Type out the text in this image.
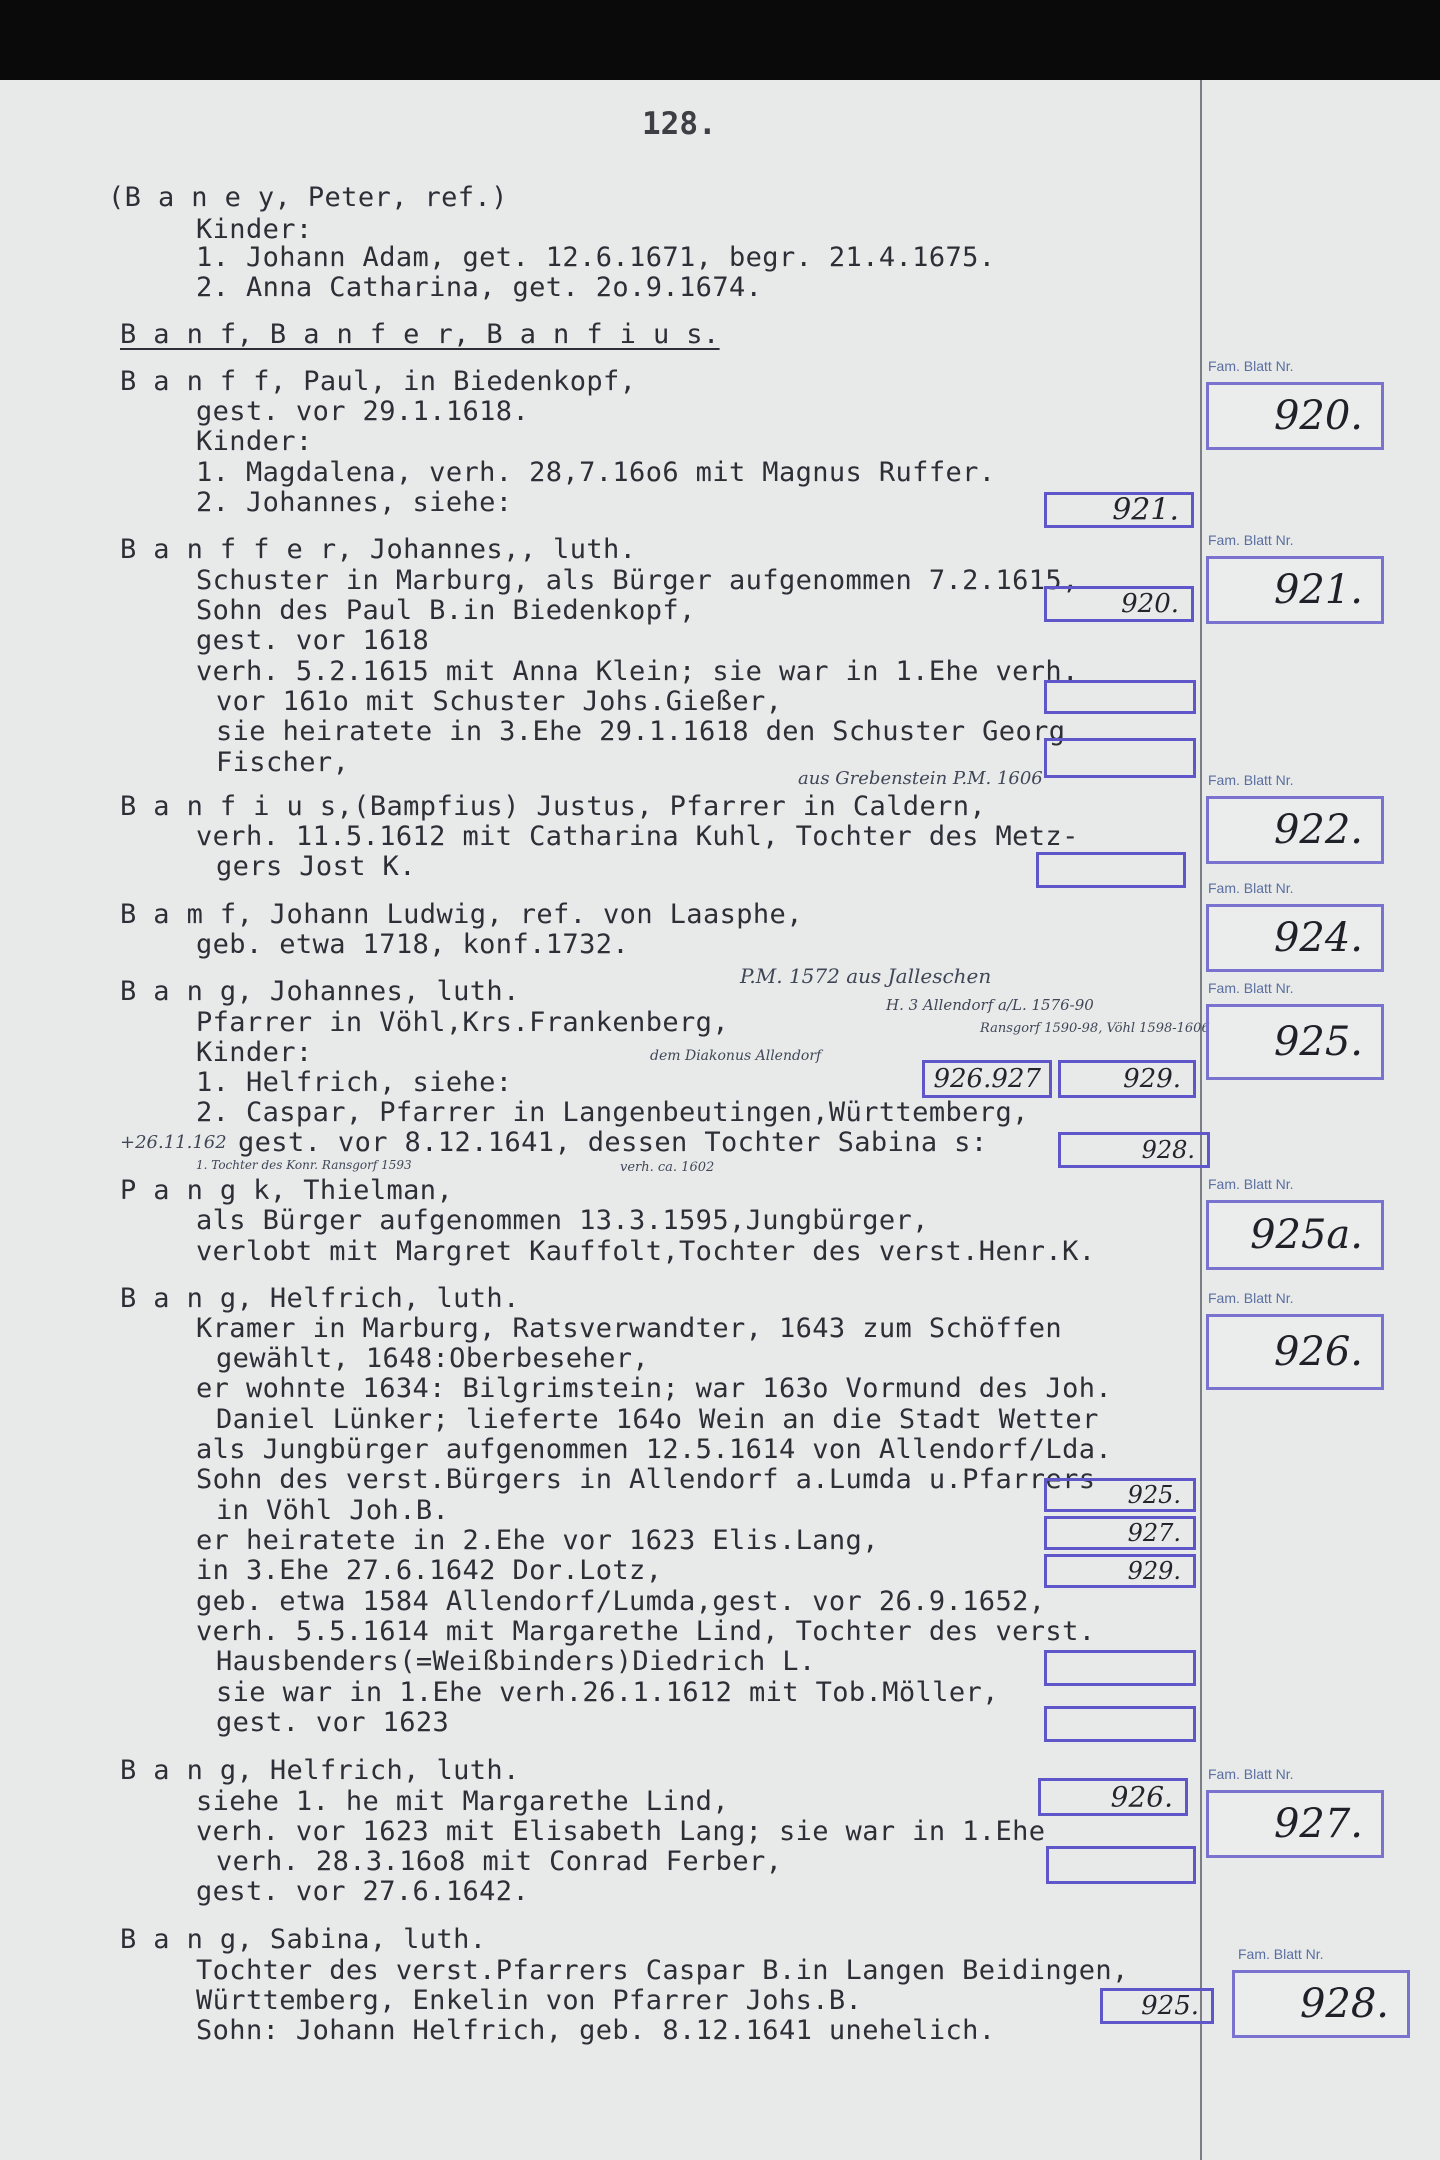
128.
(B a n e y, Peter, ref.)
Kinder:
1. Johann Adam, get. 12.6.1671, begr. 21.4.1675.
2. Anna Catharina, get. 2o.9.1674.
B a n f, B a n f e r, B a n f i u s.
B a n f f, Paul, in Biedenkopf,
gest. vor 29.1.1618.
Kinder:
1. Magdalena, verh. 28,7.16o6 mit Magnus Ruffer.
2. Johannes, siehe:	921.
B a n f f e r, Johannes,, luth.
Schuster in Marburg, als Bürger aufgenommen 7.2.1615,
Sohn des Paul B.in Biedenkopf,	920.
gest. vor 1618
verh. 5.2.1615 mit Anna Klein; sie war in 1.Ehe verh.
vor 161o mit Schuster Johs.Gießer,
sie heiratete in 3.Ehe 29.1.1618 den Schuster Georg
Fischer,
aus Grebenstein P.M. 1606
B a n f i u s,(Bampfius) Justus, Pfarrer in Caldern,
verh. 11.5.1612 mit Catharina Kuhl, Tochter des Metz-
gers Jost K.
B a m f, Johann Ludwig, ref. von Laasphe,
geb. etwa 1718, konf.1732.
P.M. 1572 aus Jalleschen
H. 3 Allendorf a/L. 1576-90
Ransgorf 1590-98, Vöhl 1598-1606
dem Diakonus Allendorf
B a n g, Johannes, luth.
Pfarrer in Vöhl,Krs.Frankenberg,
Kinder:
1. Helfrich, siehe:	926.927	929.
2. Caspar, Pfarrer in Langenbeutingen,Württemberg,
+26.11.162 gest. vor 8.12.1641, dessen Tochter Sabina s:	928.
1. Tochter des Konr. Ransgorf 1593	verh. ca. 1602
P a n g k, Thielman,
als Bürger aufgenommen 13.3.1595,Jungbürger,
verlobt mit Margret Kauffolt,Tochter des verst.Henr.K.
B a n g, Helfrich, luth.
Kramer in Marburg, Ratsverwandter, 1643 zum Schöffen
gewählt, 1648:Oberbeseher,
er wohnte 1634: Bilgrimstein; war 163o Vormund des Joh.
Daniel Lünker; lieferte 164o Wein an die Stadt Wetter
als Jungbürger aufgenommen 12.5.1614 von Allendorf/Lda.
Sohn des verst.Bürgers in Allendorf a.Lumda u.Pfarrers
in Vöhl Joh.B.	925.
er heiratete in 2.Ehe vor 1623 Elis.Lang,	927.
in 3.Ehe 27.6.1642 Dor.Lotz,	929.
geb. etwa 1584 Allendorf/Lumda,gest. vor 26.9.1652,
verh. 5.5.1614 mit Margarethe Lind, Tochter des verst.
Hausbenders(=Weißbinders)Diedrich L.
sie war in 1.Ehe verh.26.1.1612 mit Tob.Möller,
gest. vor 1623
B a n g, Helfrich, luth.
siehe 1. he mit Margarethe Lind,	926.
verh. vor 1623 mit Elisabeth Lang; sie war in 1.Ehe
verh. 28.3.16o8 mit Conrad Ferber,
gest. vor 27.6.1642.
B a n g, Sabina, luth.
Tochter des verst.Pfarrers Caspar B.in Langen Beidingen,
Württemberg, Enkelin von Pfarrer Johs.B.	925.
Sohn: Johann Helfrich, geb. 8.12.1641 unehelich.
Fam. Blatt Nr.
920.
Fam. Blatt Nr.
921.
Fam. Blatt Nr.
922.
Fam. Blatt Nr.
924.
Fam. Blatt Nr.
925.
Fam. Blatt Nr.
925a.
Fam. Blatt Nr.
926.
Fam. Blatt Nr.
927.
Fam. Blatt Nr.
928.
